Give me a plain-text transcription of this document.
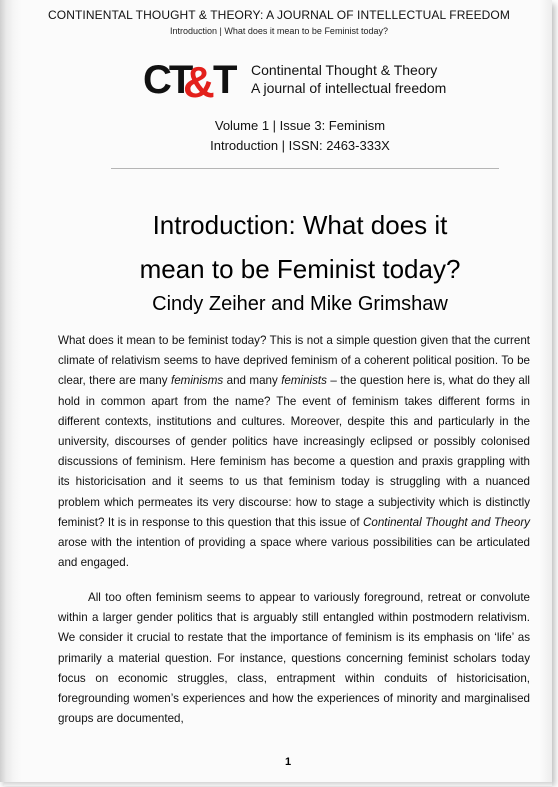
CONTINENTAL THOUGHT & THEORY: A JOURNAL OF INTELLECTUAL FREEDOM
Introduction | What does it mean to be Feminist today?
CT
&
T Continental Thought & Theory
A journal of intellectual freedom
Volume 1 | Issue 3: Feminism
Introduction | ISSN: 2463-333X
Introduction: What does it
mean to be Feminist today?
Cindy Zeiher and Mike Grimshaw
What does it mean to be feminist today? This is not a simple question given that the current climate of relativism seems to have deprived feminism of a coherent political position. To be clear, there are many feminisms and many feminists – the question here is, what do they all hold in common apart from the name? The event of feminism takes different forms in different contexts, institutions and cultures. Moreover, despite this and particularly in the university, discourses of gender politics have increasingly eclipsed or possibly colonised discussions of feminism. Here feminism has become a question and praxis grappling with its historicisation and it seems to us that feminism today is struggling with a nuanced problem which permeates its very discourse: how to stage a subjectivity which is distinctly feminist? It is in response to this question that this issue of Continental Thought and Theory arose with the intention of providing a space where various possibilities can be articulated and engaged.
All too often feminism seems to appear to variously foreground, retreat or convolute within a larger gender politics that is arguably still entangled within postmodern relativism. We consider it crucial to restate that the importance of feminism is its emphasis on ‘life’ as primarily a material question. For instance, questions concerning feminist scholars today focus on economic struggles, class, entrapment within conduits of historicisation, foregrounding women’s experiences and how the experiences of minority and marginalised groups are documented,
1
